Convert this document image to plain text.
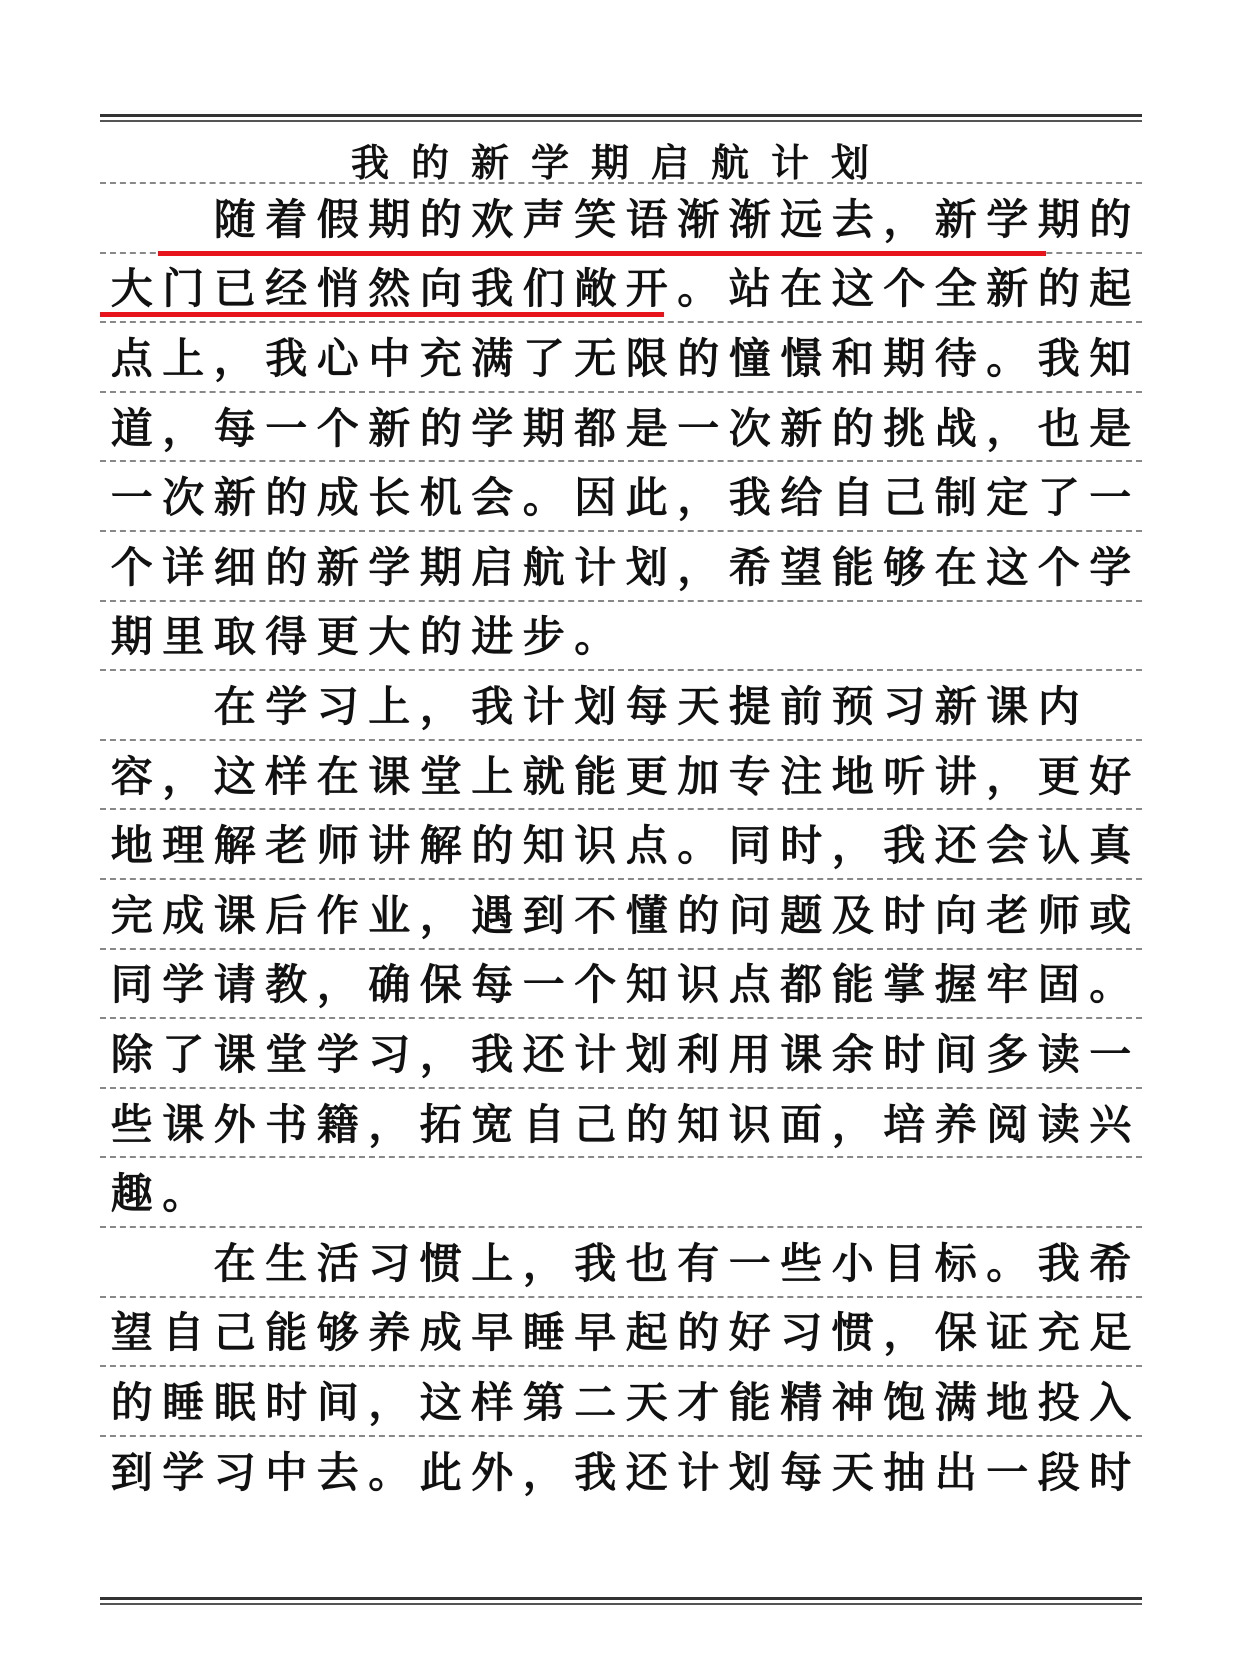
我的新学期启航计划
随 着 假 期 的 欢 声 笑 语 渐 渐 远 去 ， 新 学 期 的
大 门 已 经 悄 然 向 我 们 敞 开 。 站 在 这 个 全 新 的 起
点 上 ， 我 心 中 充 满 了 无 限 的 憧 憬 和 期 待 。 我 知
道 ， 每 一 个 新 的 学 期 都 是 一 次 新 的 挑 战 ， 也 是
一 次 新 的 成 长 机 会 。 因 此 ， 我 给 自 己 制 定 了 一
个 详 细 的 新 学 期 启 航 计 划 ， 希 望 能 够 在 这 个 学
期 里 取 得 更 大 的 进 步 。
在 学 习 上 ， 我 计 划 每 天 提 前 预 习 新 课 内
容 ， 这 样 在 课 堂 上 就 能 更 加 专 注 地 听 讲 ， 更 好
地 理 解 老 师 讲 解 的 知 识 点 。 同 时 ， 我 还 会 认 真
完 成 课 后 作 业 ， 遇 到 不 懂 的 问 题 及 时 向 老 师 或
同 学 请 教 ， 确 保 每 一 个 知 识 点 都 能 掌 握 牢 固 。
除 了 课 堂 学 习 ， 我 还 计 划 利 用 课 余 时 间 多 读 一
些 课 外 书 籍 ， 拓 宽 自 己 的 知 识 面 ， 培 养 阅 读 兴
趣 。
在 生 活 习 惯 上 ， 我 也 有 一 些 小 目 标 。 我 希
望 自 己 能 够 养 成 早 睡 早 起 的 好 习 惯 ， 保 证 充 足
的 睡 眠 时 间 ， 这 样 第 二 天 才 能 精 神 饱 满 地 投 入
到 学 习 中 去 。 此 外 ， 我 还 计 划 每 天 抽 出 一 段 时
